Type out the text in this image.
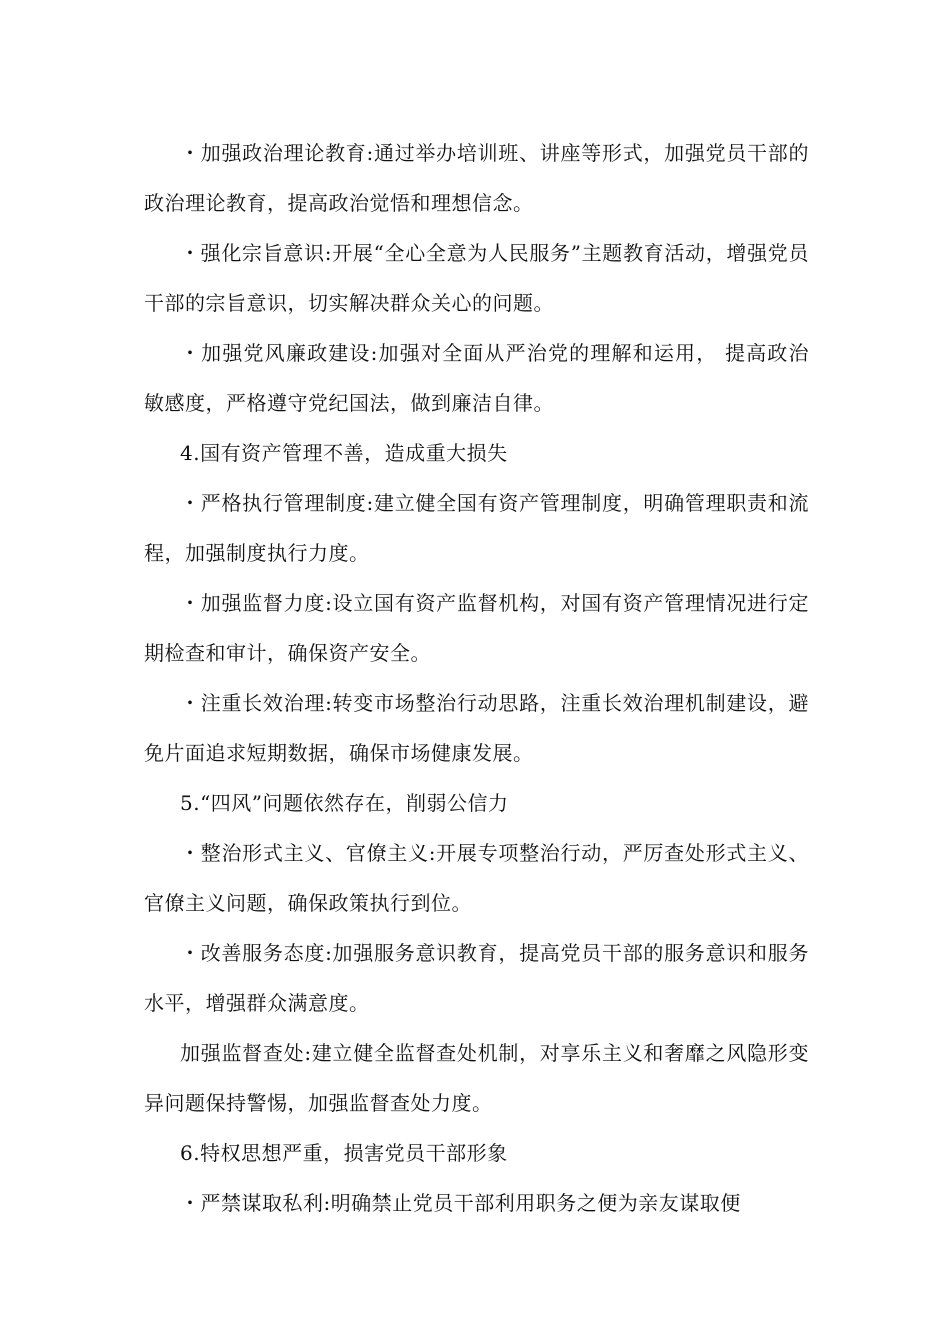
・加强政治理论教育:通过举办培训班、讲座等形式，加强党员干部的政治理论教育，提高政治觉悟和理想信念。

・强化宗旨意识:开展“全心全意为人民服务”主题教育活动，增强党员干部的宗旨意识，切实解决群众关心的问题。

・加强党风廉政建设:加强对全面从严治党的理解和运用， 提高政治敏感度，严格遵守党纪国法，做到廉洁自律。

4.国有资产管理不善，造成重大损失

・严格执行管理制度:建立健全国有资产管理制度，明确管理职责和流程，加强制度执行力度。

・加强监督力度:设立国有资产监督机构，对国有资产管理情况进行定期检查和审计，确保资产安全。

・注重长效治理:转变市场整治行动思路，注重长效治理机制建设，避免片面追求短期数据，确保市场健康发展。

5.“四风”问题依然存在，削弱公信力

・整治形式主义、官僚主义:开展专项整治行动，严厉查处形式主义、官僚主义问题，确保政策执行到位。

・改善服务态度:加强服务意识教育，提高党员干部的服务意识和服务水平，增强群众满意度。

加强监督查处:建立健全监督查处机制，对享乐主义和奢靡之风隐形变异问题保持警惕，加强监督查处力度。

6.特权思想严重，损害党员干部形象

・严禁谋取私利:明确禁止党员干部利用职务之便为亲友谋取便
